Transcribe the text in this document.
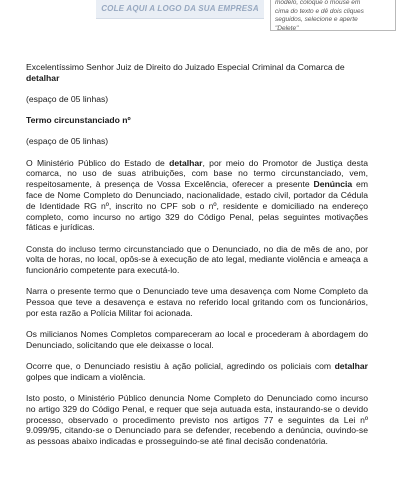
COLE AQUI A LOGO DA SUA EMPRESA

modelo, coloque o mouse em
cima do texto e dê dois cliques
seguidos, selecione e aperte
"Delete"

Excelentíssimo Senhor Juiz de Direito do Juizado Especial Criminal da Comarca de detalhar

(espaço de 05 linhas)

Termo circunstanciado nº

(espaço de 05 linhas)

O Ministério Público do Estado de detalhar, por meio do Promotor de Justiça desta comarca, no uso de suas atribuições, com base no termo circunstanciado, vem, respeitosamente, à presença de Vossa Excelência, oferecer a presente Denúncia em face de Nome Completo do Denunciado, nacionalidade, estado civil, portador da Cédula de Identidade RG nº, inscrito no CPF sob o nº, residente e domiciliado na endereço completo, como incurso no artigo 329 do Código Penal, pelas seguintes motivações fáticas e jurídicas.

Consta do incluso termo circunstanciado que o Denunciado, no dia de mês de ano, por volta de horas, no local, opôs-se à execução de ato legal, mediante violência e ameaça a funcionário competente para executá-lo.

Narra o presente termo que o Denunciado teve uma desavença com Nome Completo da Pessoa que teve a desavença e estava no referido local gritando com os funcionários, por esta razão a Polícia Militar foi acionada.

Os milicianos Nomes Completos compareceram ao local e procederam à abordagem do Denunciado, solicitando que ele deixasse o local.

Ocorre que, o Denunciado resistiu à ação policial, agredindo os policiais com detalhar golpes que indicam a violência.

Isto posto, o Ministério Público denuncia Nome Completo do Denunciado como incurso no artigo 329 do Código Penal, e requer que seja autuada esta, instaurando-se o devido processo, observado o procedimento previsto nos artigos 77 e seguintes da Lei nº 9.099/95, citando-se o Denunciado para se defender, recebendo a denúncia, ouvindo-se as pessoas abaixo indicadas e prosseguindo-se até final decisão condenatória.
